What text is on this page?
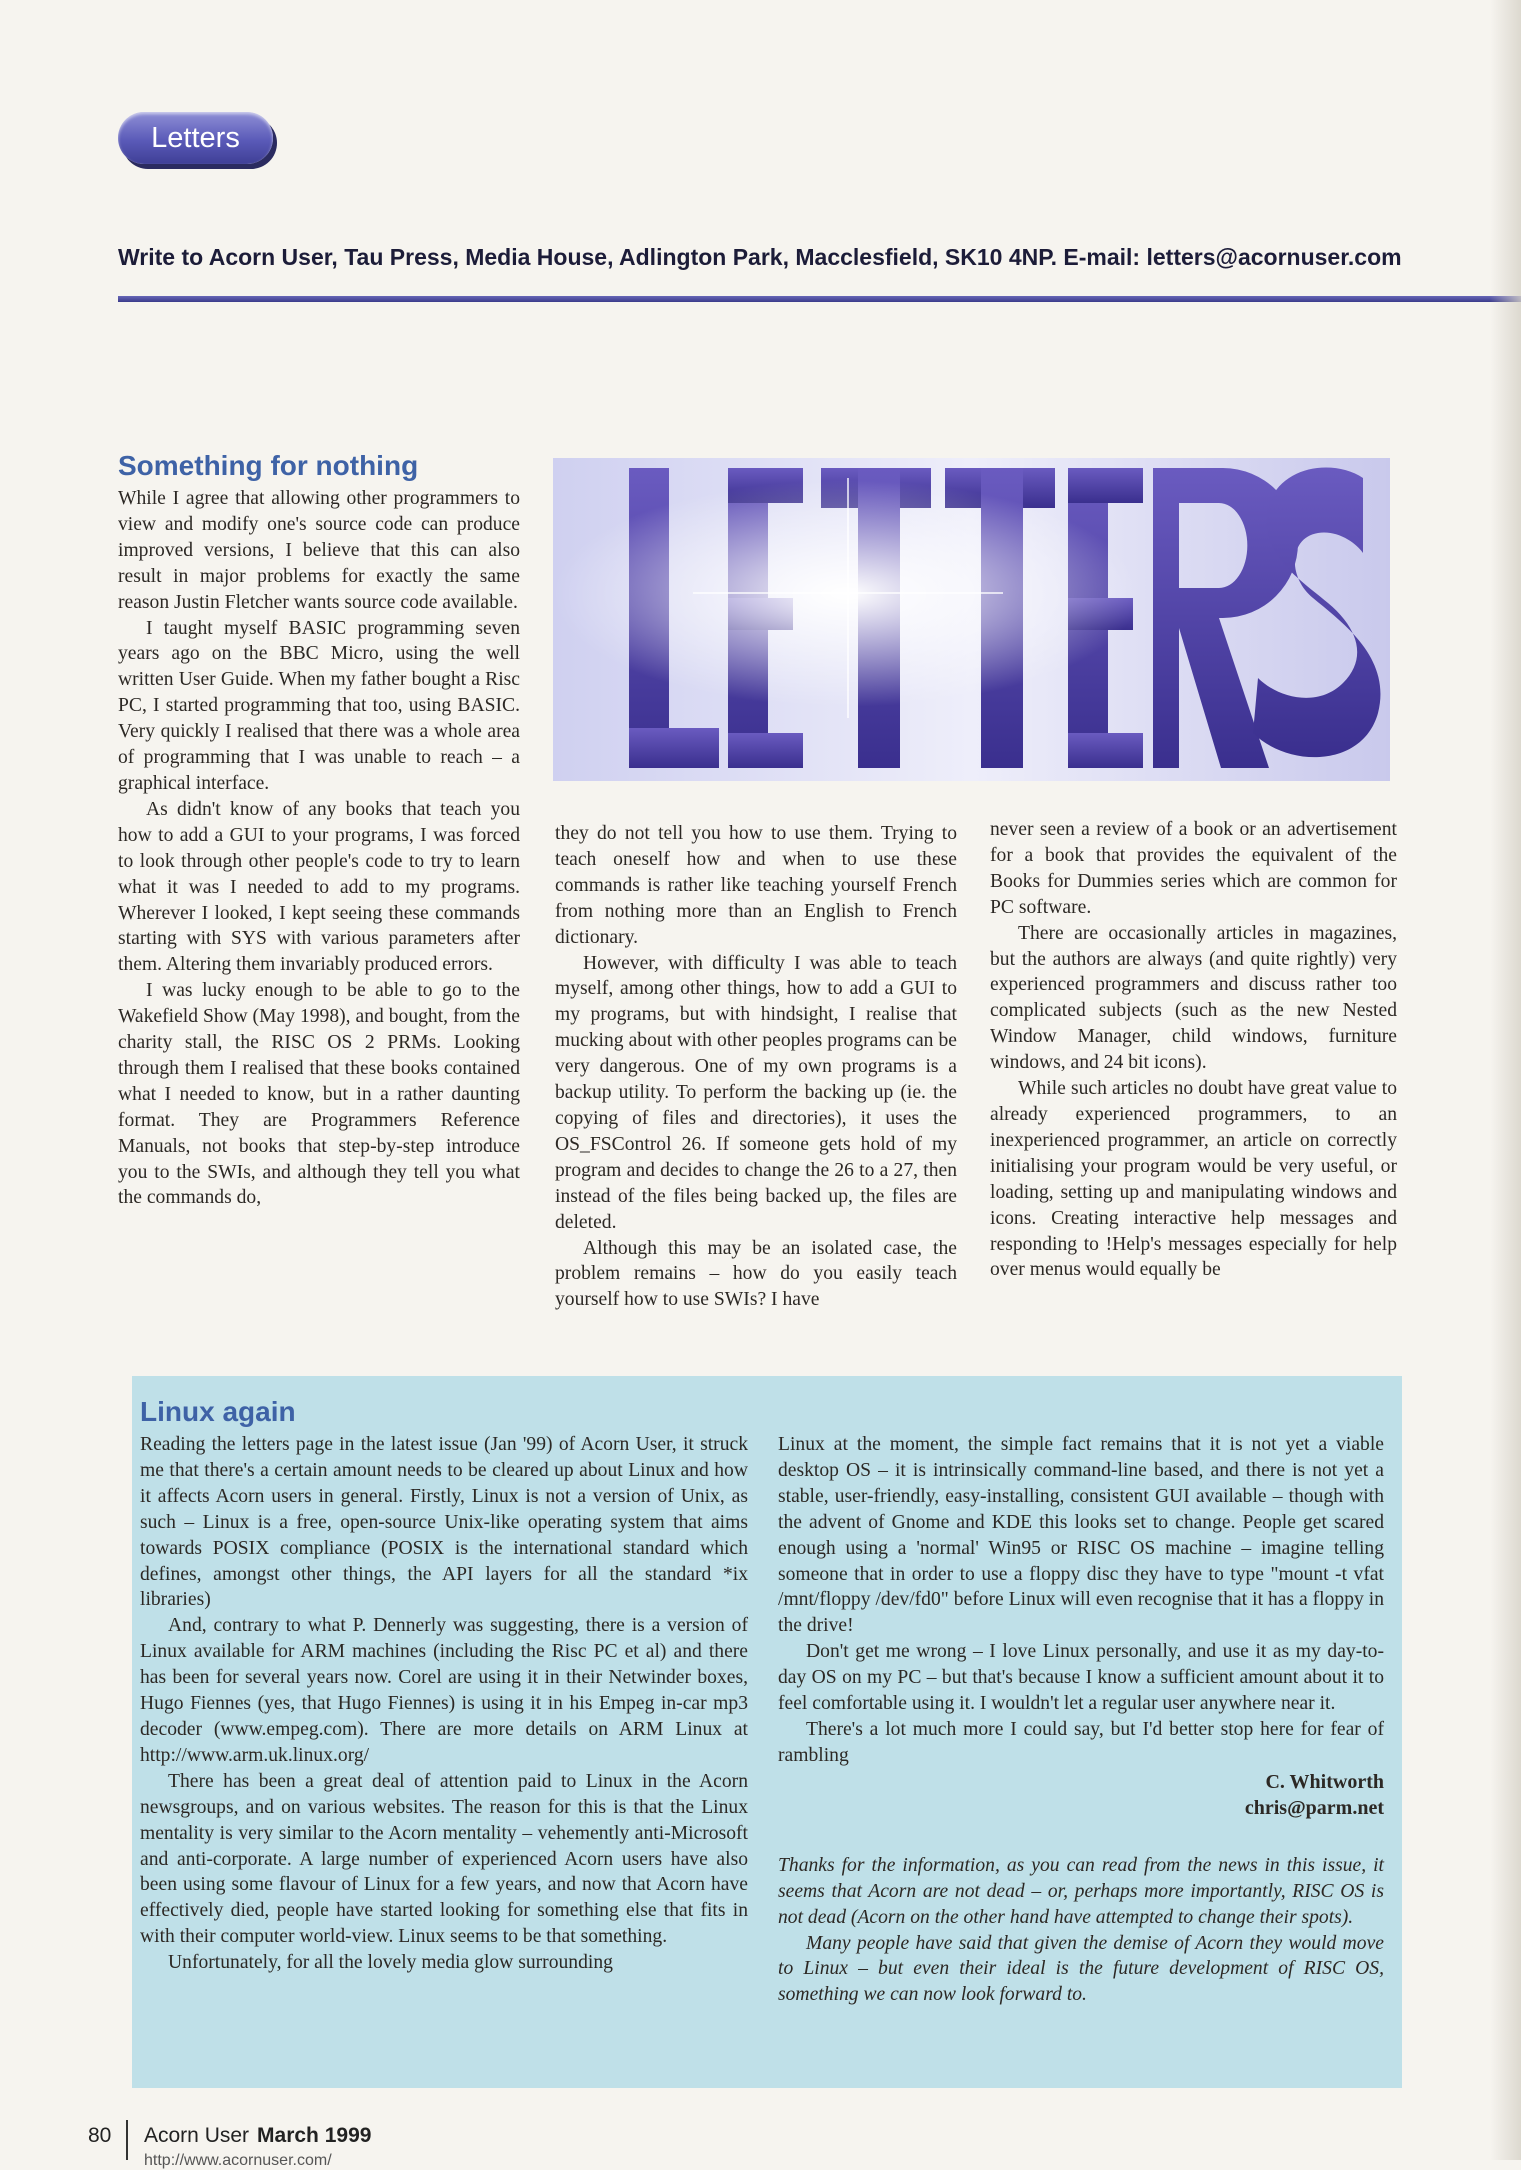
Letters
Write to Acorn User, Tau Press, Media House, Adlington Park, Macclesfield, SK10 4NP. E-mail: letters@acornuser.com
Something for nothing

While I agree that allowing other programmers to view and modify one's source code can produce improved versions, I believe that this can also result in major problems for exactly the same reason Justin Fletcher wants source code available.

I taught myself BASIC programming seven years ago on the BBC Micro, using the well written User Guide. When my father bought a Risc PC, I started programming that too, using BASIC. Very quickly I realised that there was a whole area of programming that I was unable to reach – a graphical interface.

As didn't know of any books that teach you how to add a GUI to your programs, I was forced to look through other people's code to try to learn what it was I needed to add to my programs. Wherever I looked, I kept seeing these commands starting with SYS with various parameters after them. Altering them invariably produced errors.

I was lucky enough to be able to go to the Wakefield Show (May 1998), and bought, from the charity stall, the RISC OS 2 PRMs. Looking through them I realised that these books contained what I needed to know, but in a rather daunting format. They are Programmers Reference Manuals, not books that step-by-step introduce you to the SWIs, and although they tell you what the commands do,

they do not tell you how to use them. Trying to teach oneself how and when to use these commands is rather like teaching yourself French from nothing more than an English to French dictionary.

However, with difficulty I was able to teach myself, among other things, how to add a GUI to my programs, but with hindsight, I realise that mucking about with other peoples programs can be very dangerous. One of my own programs is a backup utility. To perform the backing up (ie. the copying of files and directories), it uses the OS_FSControl 26. If someone gets hold of my program and decides to change the 26 to a 27, then instead of the files being backed up, the files are deleted.

Although this may be an isolated case, the problem remains – how do you easily teach yourself how to use SWIs? I have

never seen a review of a book or an advertisement for a book that provides the equivalent of the Books for Dummies series which are common for PC software.

There are occasionally articles in magazines, but the authors are always (and quite rightly) very experienced programmers and discuss rather too complicated subjects (such as the new Nested Window Manager, child windows, furniture windows, and 24 bit icons).

While such articles no doubt have great value to already experienced programmers, to an inexperienced programmer, an article on correctly initialising your program would be very useful, or loading, setting up and manipulating windows and icons. Creating interactive help messages and responding to !Help's messages especially for help over menus would equally be

Linux again

Reading the letters page in the latest issue (Jan '99) of Acorn User, it struck me that there's a certain amount needs to be cleared up about Linux and how it affects Acorn users in general. Firstly, Linux is not a version of Unix, as such – Linux is a free, open-source Unix-like operating system that aims towards POSIX compliance (POSIX is the international standard which defines, amongst other things, the API layers for all the standard *ix libraries)

And, contrary to what P. Dennerly was suggesting, there is a version of Linux available for ARM machines (including the Risc PC et al) and there has been for several years now. Corel are using it in their Netwinder boxes, Hugo Fiennes (yes, that Hugo Fiennes) is using it in his Empeg in-car mp3 decoder (www.empeg.com). There are more details on ARM Linux at http://www.arm.uk.linux.org/

There has been a great deal of attention paid to Linux in the Acorn newsgroups, and on various websites. The reason for this is that the Linux mentality is very similar to the Acorn mentality – vehemently anti-Microsoft and anti-corporate. A large number of experienced Acorn users have also been using some flavour of Linux for a few years, and now that Acorn have effectively died, people have started looking for something else that fits in with their computer world-view. Linux seems to be that something.

Unfortunately, for all the lovely media glow surrounding

Linux at the moment, the simple fact remains that it is not yet a viable desktop OS – it is intrinsically command-line based, and there is not yet a stable, user-friendly, easy-installing, consistent GUI available – though with the advent of Gnome and KDE this looks set to change. People get scared enough using a 'normal' Win95 or RISC OS machine – imagine telling someone that in order to use a floppy disc they have to type "mount -t vfat /mnt/floppy /dev/fd0" before Linux will even recognise that it has a floppy in the drive!

Don't get me wrong – I love Linux personally, and use it as my day-to-day OS on my PC – but that's because I know a sufficient amount about it to feel comfortable using it. I wouldn't let a regular user anywhere near it.

There's a lot much more I could say, but I'd better stop here for fear of rambling

C. Whitworth
chris@parm.net

Thanks for the information, as you can read from the news in this issue, it seems that Acorn are not dead – or, perhaps more importantly, RISC OS is not dead (Acorn on the other hand have attempted to change their spots).

Many people have said that given the demise of Acorn they would move to Linux – but even their ideal is the future development of RISC OS, something we can now look forward to.

80 Acorn User March 1999
http://www.acornuser.com/
